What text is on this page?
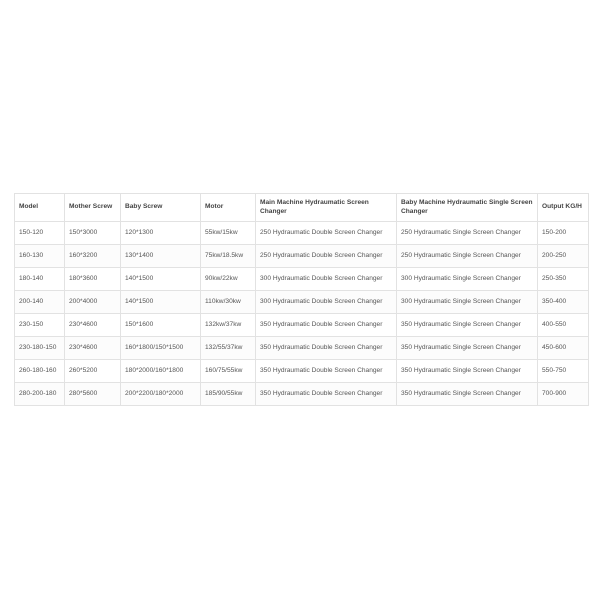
Model	Mother Screw	Baby Screw	Motor	Main Machine Hydraumatic Screen Changer	Baby Machine Hydraumatic Single Screen Changer	Output KG/H
150-120	150*3000	120*1300	55kw/15kw	250 Hydraumatic Double Screen Changer	250 Hydraumatic Single Screen Changer	150-200
160-130	160*3200	130*1400	75kw/18.5kw	250 Hydraumatic Double Screen Changer	250 Hydraumatic Single Screen Changer	200-250
180-140	180*3600	140*1500	90kw/22kw	300 Hydraumatic Double Screen Changer	300 Hydraumatic Single Screen Changer	250-350
200-140	200*4000	140*1500	110kw/30kw	300 Hydraumatic Double Screen Changer	300 Hydraumatic Single Screen Changer	350-400
230-150	230*4600	150*1600	132kw/37kw	350 Hydraumatic Double Screen Changer	350 Hydraumatic Single Screen Changer	400-550
230-180-150	230*4600	160*1800/150*1500	132/55/37kw	350 Hydraumatic Double Screen Changer	350 Hydraumatic Single Screen Changer	450-600
260-180-160	260*5200	180*2000/160*1800	160/75/55kw	350 Hydraumatic Double Screen Changer	350 Hydraumatic Single Screen Changer	550-750
280-200-180	280*5600	200*2200/180*2000	185/90/55kw	350 Hydraumatic Double Screen Changer	350 Hydraumatic Single Screen Changer	700-900
